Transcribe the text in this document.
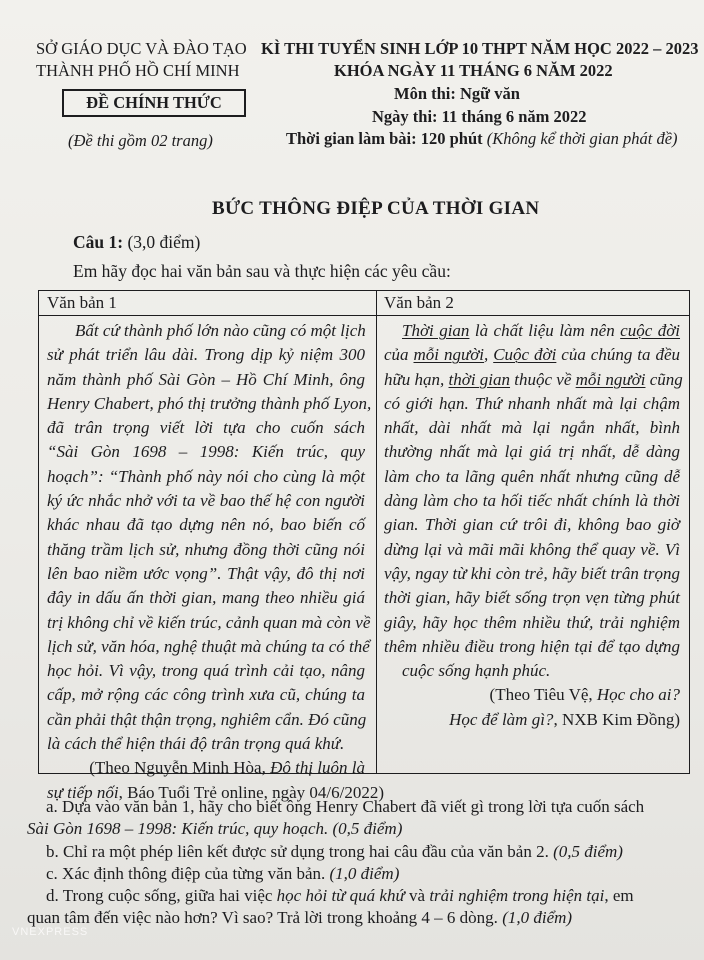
SỞ GIÁO DỤC VÀ ĐÀO TẠO
THÀNH PHỐ HỒ CHÍ MINH
ĐỀ CHÍNH THỨC
(Đề thi gồm 02 trang)
KÌ THI TUYỂN SINH LỚP 10 THPT NĂM HỌC 2022 – 2023
KHÓA NGÀY 11 THÁNG 6 NĂM 2022
Môn thi: Ngữ văn
Ngày thi: 11 tháng 6 năm 2022
Thời gian làm bài: 120 phút (Không kể thời gian phát đề)
BỨC THÔNG ĐIỆP CỦA THỜI GIAN
Câu 1: (3,0 điểm)
Em hãy đọc hai văn bản sau và thực hiện các yêu cầu:
Văn bản 1	Văn bản 2
Bất cứ thành phố lớn nào cũng có một lịch
sử phát triển lâu dài. Trong dịp kỷ niệm 300
năm thành phố Sài Gòn – Hồ Chí Minh, ông
Henry Chabert, phó thị trưởng thành phố Lyon,
đã trân trọng viết lời tựa cho cuốn sách
“Sài Gòn 1698 – 1998: Kiến trúc, quy
hoạch”: “Thành phố này nói cho cùng là một
ký ức nhắc nhở với ta về bao thế hệ con người
khác nhau đã tạo dựng nên nó, bao biến cố
thăng trầm lịch sử, nhưng đồng thời cũng nói
lên bao niềm ước vọng”. Thật vậy, đô thị nơi
đây in dấu ấn thời gian, mang theo nhiều giá
trị không chỉ về kiến trúc, cảnh quan mà còn về
lịch sử, văn hóa, nghệ thuật mà chúng ta có thể
học hỏi. Vì vậy, trong quá trình cải tạo, nâng
cấp, mở rộng các công trình xưa cũ, chúng ta
cần phải thật thận trọng, nghiêm cẩn. Đó cũng
là cách thể hiện thái độ trân trọng quá khứ.
(Theo Nguyễn Minh Hòa, Đô thị luôn là
sự tiếp nối, Báo Tuổi Trẻ online, ngày 04/6/2022)
Thời gian là chất liệu làm nên cuộc đời
của mỗi người, Cuộc đời của chúng ta đều
hữu hạn, thời gian thuộc về mỗi người cũng
có giới hạn. Thứ nhanh nhất mà lại chậm
nhất, dài nhất mà lại ngắn nhất, bình
thường nhất mà lại giá trị nhất, dễ dàng
làm cho ta lãng quên nhất nhưng cũng dễ
dàng làm cho ta hối tiếc nhất chính là thời
gian. Thời gian cứ trôi đi, không bao giờ
dừng lại và mãi mãi không thể quay về. Vì
vậy, ngay từ khi còn trẻ, hãy biết trân trọng
thời gian, hãy biết sống trọn vẹn từng phút
giây, hãy học thêm nhiều thứ, trải nghiệm
thêm nhiều điều trong hiện tại để tạo dựng
cuộc sống hạnh phúc.
(Theo Tiêu Vệ, Học cho ai?
Học để làm gì?, NXB Kim Đồng)
a. Dựa vào văn bản 1, hãy cho biết ông Henry Chabert đã viết gì trong lời tựa cuốn sách
Sài Gòn 1698 – 1998: Kiến trúc, quy hoạch. (0,5 điểm)
b. Chỉ ra một phép liên kết được sử dụng trong hai câu đầu của văn bản 2. (0,5 điểm)
c. Xác định thông điệp của từng văn bản. (1,0 điểm)
d. Trong cuộc sống, giữa hai việc học hỏi từ quá khứ và trải nghiệm trong hiện tại, em
quan tâm đến việc nào hơn? Vì sao? Trả lời trong khoảng 4 – 6 dòng. (1,0 điểm)
VNEXPRESS
